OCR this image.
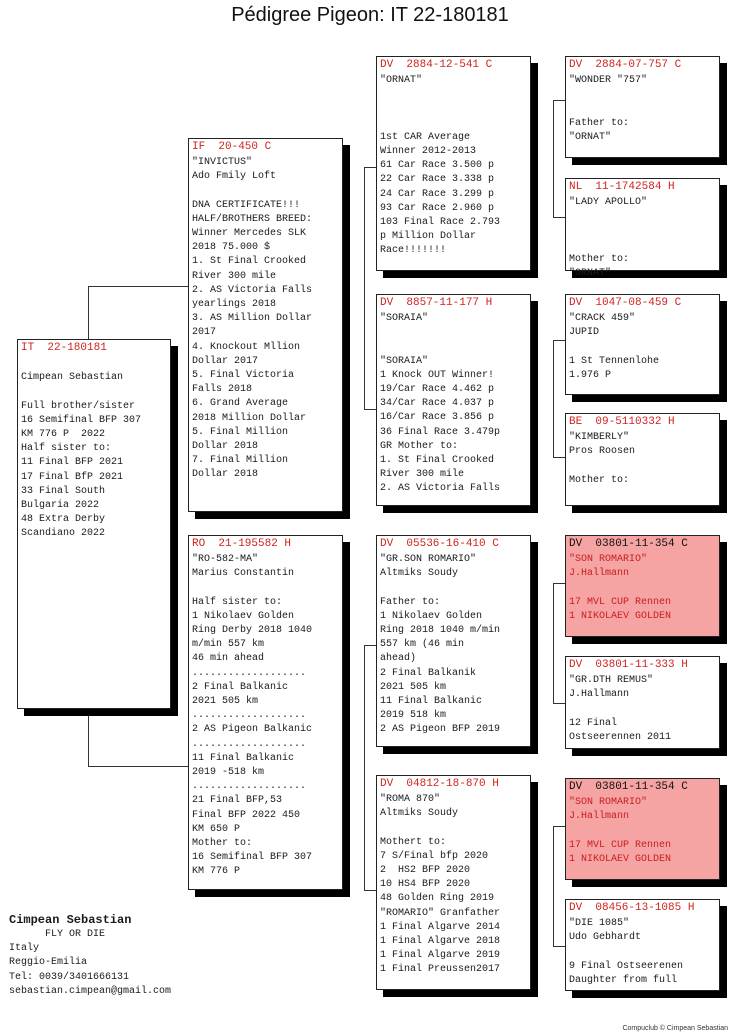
Pédigree Pigeon: IT 22-180181
IT  22-180181

Cimpean Sebastian

Full brother/sister
16 Semifinal BFP 307
KM 776 P  2022
Half sister to:
11 Final BFP 2021
17 Final BfP 2021
33 Final South
Bulgaria 2022
48 Extra Derby
Scandiano 2022
IF  20-450 C
"INVICTUS"
Ado Fmily Loft

DNA CERTIFICATE!!!
HALF/BROTHERS BREED:
Winner Mercedes SLK
2018 75.000 $
1. St Final Crooked
River 300 mile
2. AS Victoria Falls
yearlings 2018
3. AS Million Dollar
2017
4. Knockout Mllion
Dollar 2017
5. Final Victoria
Falls 2018
6. Grand Average
2018 Million Dollar
5. Final Million
Dollar 2018
7. Final Million
Dollar 2018
RO  21-195582 H
"RO-582-MA"
Marius Constantin

Half sister to:
1 Nikolaev Golden
Ring Derby 2018 1040
m/min 557 km
46 min ahead
...................
2 Final Balkanic
2021 505 km
...................
2 AS Pigeon Balkanic
...................
11 Final Balkanic
2019 -518 km
...................
21 Final BFP,53
Final BFP 2022 450
KM 650 P
Mother to:
16 Semifinal BFP 307
KM 776 P
DV  2884-12-541 C
"ORNAT"

1st CAR Average
Winner 2012-2013
61 Car Race 3.500 p
22 Car Race 3.338 p
24 Car Race 3.299 p
93 Car Race 2.960 p
103 Final Race 2.793
p Million Dollar
Race!!!!!!!
DV  8857-11-177 H
"SORAIA"

"SORAIA"
1 Knock OUT Winner!
19/Car Race 4.462 p
34/Car Race 4.037 p
16/Car Race 3.856 p
36 Final Race 3.479p
GR Mother to:
1. St Final Crooked
River 300 mile
2. AS Victoria Falls
DV  05536-16-410 C
"GR.SON ROMARIO"
Altmiks Soudy

Father to:
1 Nikolaev Golden
Ring 2018 1040 m/min
557 km (46 min
ahead)
2 Final Balkanik
2021 505 km
11 Final Balkanic
2019 518 km
2 AS Pigeon BFP 2019
DV  04812-18-870 H
"ROMA 870"
Altmiks Soudy

Mothert to:
7 S/Final bfp 2020
2  HS2 BFP 2020
10 HS4 BFP 2020
48 Golden Ring 2019
"ROMARIO" Granfather
1 Final Algarve 2014
1 Final Algarve 2018
1 Final Algarve 2019
1 Final Preussen2017
DV  2884-07-757 C
"WONDER "757"

Father to:
"ORNAT"
NL  11-1742584 H
"LADY APOLLO"

Mother to:
"ORNAT"
DV  1047-08-459 C
"CRACK 459"
JUPID

1 St Tennenlohe
1.976 P
BE  09-5110332 H
"KIMBERLY"
Pros Roosen

Mother to:
DV  03801-11-354 C
"SON ROMARIO"
J.Hallmann

17 MVL CUP Rennen
1 NIKOLAEV GOLDEN
DV  03801-11-333 H
"GR.DTH REMUS"
J.Hallmann

12 Final
Ostseerennen 2011
DV  03801-11-354 C
"SON ROMARIO"
J.Hallmann

17 MVL CUP Rennen
1 NIKOLAEV GOLDEN
DV  08456-13-1085 H
"DIE 1085"
Udo Gebhardt

9 Final Ostseerenen
Daughter from full
Cimpean Sebastian
FLY OR DIE
Italy
Reggio-Emilia
Tel: 0039/3401666131
sebastian.cimpean@gmail.com
Compuclub © Cimpean Sebastian
